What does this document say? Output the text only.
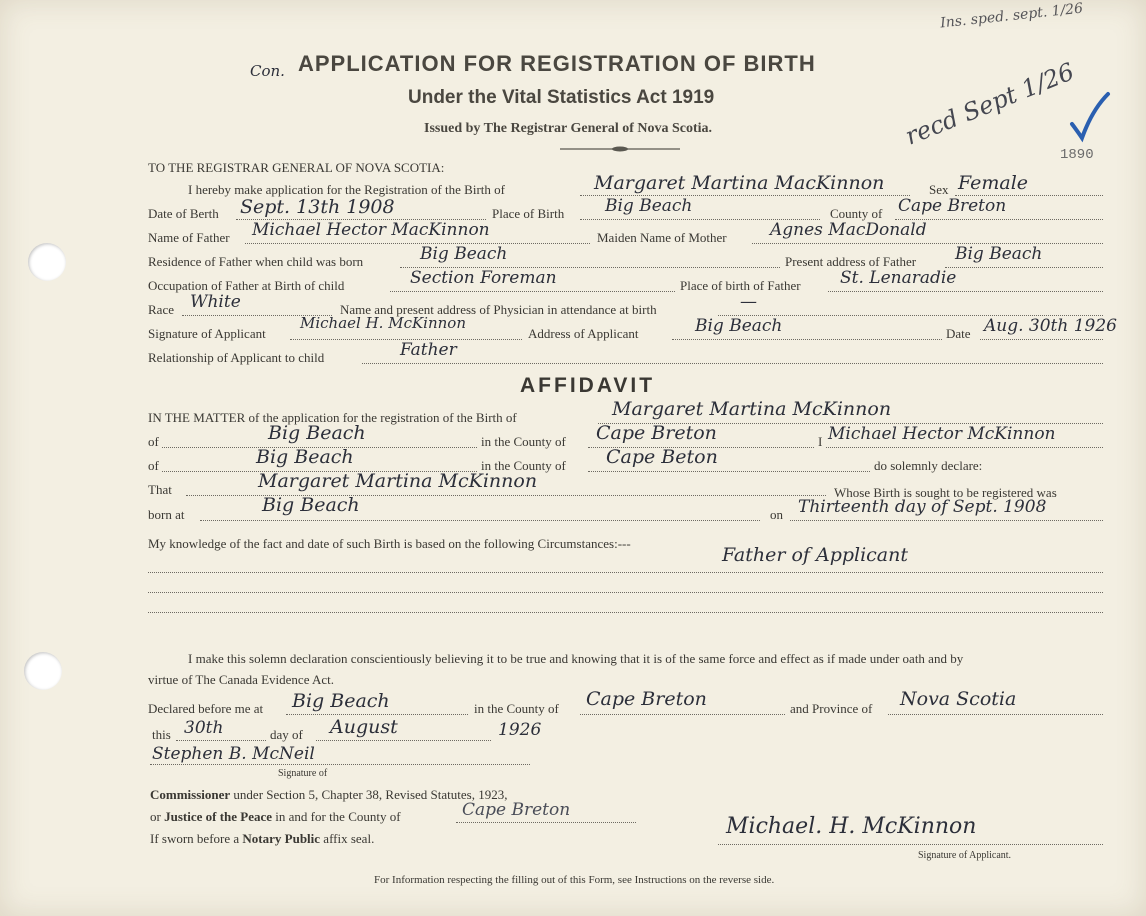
Con. APPLICATION FOR REGISTRATION OF BIRTH
Under the Vital Statistics Act 1919
Issued by The Registrar General of Nova Scotia.
Ins. sped. sept. 1/26
recd Sept 1/26
1890
TO THE REGISTRAR GENERAL OF NOVA SCOTIA:
I hereby make application for the Registration of the Birth of	Margaret Martina MacKinnon	Sex Female
Date of Berth Sept. 13th 1908	Place of Birth Big Beach	County of Cape Breton
Name of Father Michael Hector MacKinnon	Maiden Name of Mother	Agnes MacDonald
Residence of Father when child was born	Big Beach	Present address of Father Big Beach
Occupation of Father at Birth of child	Section Foreman	Place of birth of Father St. Lenaradie
Race White	Name and present address of Physician in attendance at birth	—
Signature of Applicant
Michael H. McKinnon
Address of Applicant	Big Beach	Date Aug. 30th 1926
Relationship of Applicant to child	Father
AFFIDAVIT
IN THE MATTER of the application for the registration of the Birth of	Margaret Martina McKinnon
of	Big Beach	in the County of Cape Breton	I Michael Hector McKinnon
of	Big Beach	in the County of Cape Beton	do solemnly declare:
That	Margaret Martina McKinnon
Whose Birth is sought to be registered was
born at	Big Beach	on Thirteenth day of Sept. 1908
My knowledge of the fact and date of such Birth is based on the following Circumstances:---
Father of Applicant
I make this solemn declaration conscientiously believing it to be true and knowing that it is of the same force and effect as if made under oath and by
virtue of The Canada Evidence Act.
Declared before me at Big Beach	in the County of Cape Breton	and Province of Nova Scotia
this 30th	day of August	1926
Stephen B. McNeil
Signature of
Commissioner under Section 5, Chapter 38, Revised Statutes, 1923,
or Justice of the Peace in and for the County of	Cape Breton
If sworn before a Notary Public affix seal.	Michael. H. McKinnon
Signature of Applicant.
For Information respecting the filling out of this Form, see Instructions on the reverse side.
